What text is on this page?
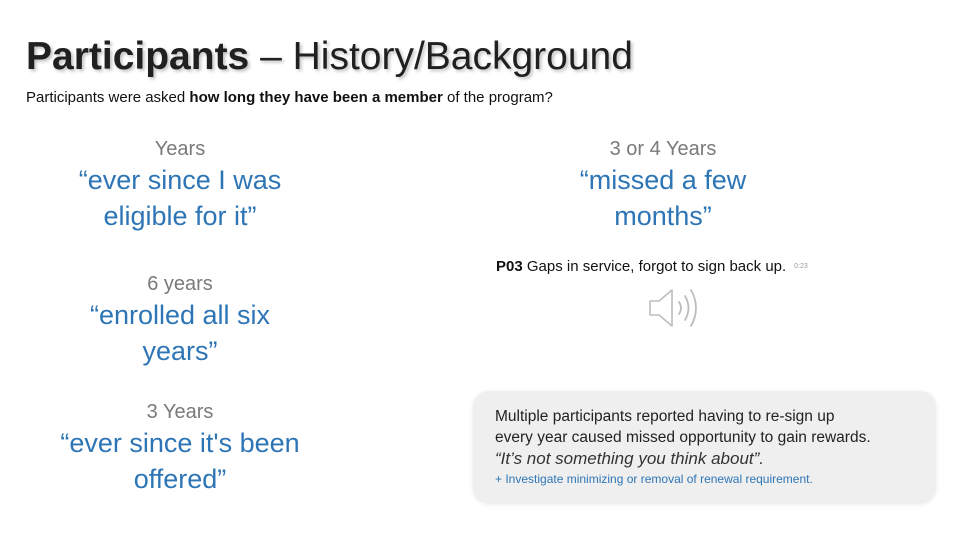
Participants – History/Background
Participants were asked how long they have been a member of the program?
Years
“ever since I was
eligible for it”
6 years
“enrolled all six
years”
3 Years
“ever since it's been
offered”
3 or 4 Years
“missed a few
months”
P03 Gaps in service, forgot to sign back up. 0:23
Multiple participants reported having to re-sign up
every year caused missed opportunity to gain rewards.
“It’s not something you think about”.
+ Investigate minimizing or removal of renewal requirement.
